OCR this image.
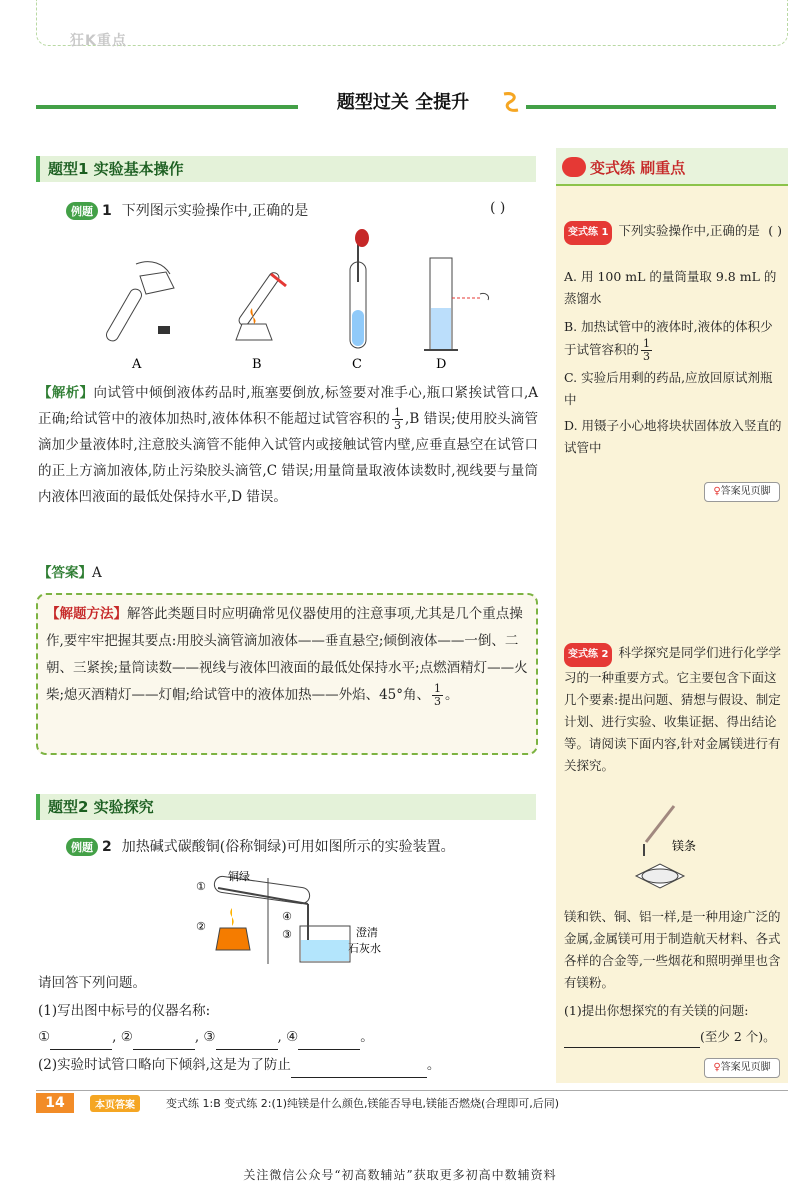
狂K重点
题型过关 全提升
题型1 实验基本操作
例题 1 下列图示实验操作中,正确的是	( )
A	B	C	D
【解析】向试管中倾倒液体药品时,瓶塞要倒放,标签要对准手心,瓶口紧挨试管口,A 正确;给试管中的液体加热时,液体体积不能超过试管容积的 $\frac{1}{3} ,B$ 错误;使用胶头滴管滴加少量液体时,注意胶头滴管不能伸入试管内或接触试管内壁,应垂直悬空在试管口的正上方滴加液体,防止污染胶头滴管,C 错误;用量筒量取液体读数时,视线要与量筒内液体凹液面的最低处保持水平,D 错误。
【答案】A
【解题方法】解答此类题目时应明确常见仪器使用的注意事项,尤其是几个重点操作,要牢牢把握其要点:用胶头滴管滴加液体——垂直悬空;倾倒液体——一倒、二朝、三紧挨;量筒读数——视线与液体凹液面的最低处保持水平;点燃酒精灯——火柴;熄灭酒精灯——灯帽;给试管中的液体加热——外焰、45°角、 $\frac{1}{3}$ 。
题型2 实验探究
例题 2 加热碱式碳酸铜(俗称铜绿)可用如图所示的实验装置。
铜绿
①
②
③
④
澄清
石灰水
请回答下列问题。
(1)写出图中标号的仪器名称:
①	, ②	, ③	, ④	。
(2)实验时试管口略向下倾斜,这是为了防止	。
变式练 刷重点
变式练 1 下列实验操作中,正确的是 ( )
A. 用 100 mL 的量筒量取 9.8 mL 的蒸馏水
B. 加热试管中的液体时,液体的体积少于试管容积的 $\frac{1}{3}$
C. 实验后用剩的药品,应放回原试剂瓶中
D. 用镊子小心地将块状固体放入竖直的试管中
♀答案见页脚
变式练 2 科学探究是同学们进行化学学习的一种重要方式。它主要包含下面这几个要素:提出问题、猜想与假设、制定计划、进行实验、收集证据、得出结论等。请阅读下面内容,针对金属镁进行有关探究。
镁条
镁和铁、铜、铝一样,是一种用途广泛的金属,金属镁可用于制造航天材料、各式各样的合金等,一些烟花和照明弹里也含有镁粉。
(1)提出你想探究的有关镁的问题:
(至少 2 个)。
♀答案见页脚
14	本页答案	变式练 1:B 变式练 2:(1)纯镁是什么颜色,镁能否导电,镁能否燃烧(合理即可,后同)
关注微信公众号“初高数辅站”获取更多初高中数辅资料
